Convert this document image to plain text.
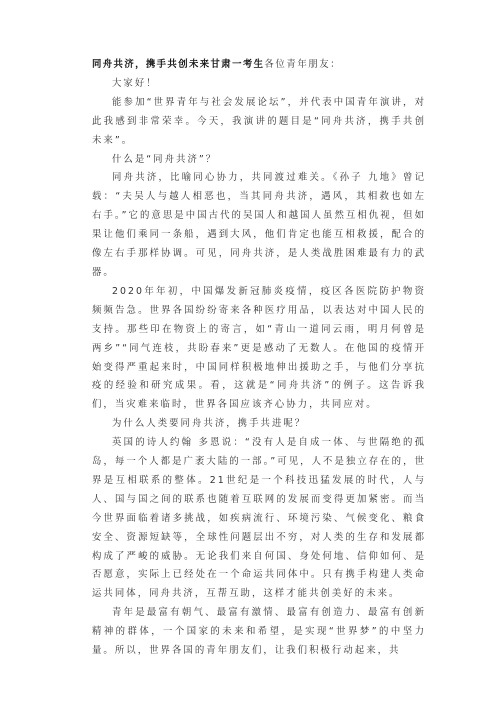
同舟共济，携手共创未来甘肃一考生各位青年朋友：

大家好！

能参加“世界青年与社会发展论坛”，并代表中国青年演讲，对此我感到非常荣幸。今天，我演讲的题目是“同舟共济，携手共创未来”。

什么是“同舟共济”？

同舟共济，比喻同心协力，共同渡过难关。《孙子 九地》曾记载：“夫吴人与越人相恶也，当其同舟共济，遇风，其相救也如左右手。”它的意思是中国古代的吴国人和越国人虽然互相仇视，但如果让他们乘同一条船，遇到大风，他们肯定也能互相救援，配合的像左右手那样协调。可见，同舟共济，是人类战胜困难最有力的武器。

2020年年初，中国爆发新冠肺炎疫情，疫区各医院防护物资频频告急。世界各国纷纷寄来各种医疗用品，以表达对中国人民的支持。那些印在物资上的寄言，如“青山一道同云雨，明月何曾是两乡”“同气连枝，共盼春来”更是感动了无数人。在他国的疫情开始变得严重起来时，中国同样积极地伸出援助之手，与他们分享抗疫的经验和研究成果。看，这就是“同舟共济”的例子。这告诉我们，当灾难来临时，世界各国应该齐心协力，共同应对。

为什么人类要同舟共济，携手共进呢？

英国的诗人约翰 多恩说：“没有人是自成一体、与世隔绝的孤岛，每一个人都是广袤大陆的一部。”可见，人不是独立存在的，世界是互相联系的整体。21世纪是一个科技迅猛发展的时代，人与人、国与国之间的联系也随着互联网的发展而变得更加紧密。而当今世界面临着诸多挑战，如疾病流行、环境污染、气候变化、粮食安全、资源短缺等，全球性问题层出不穷，对人类的生存和发展都构成了严峻的威胁。无论我们来自何国、身处何地、信仰如何、是否愿意，实际上已经处在一个命运共同体中。只有携手构建人类命运共同体，同舟共济，互帮互助，这样才能共创美好的未来。

青年是最富有朝气、最富有激情、最富有创造力、最富有创新精神的群体，一个国家的未来和希望，是实现“世界梦”的中坚力量。所以，世界各国的青年朋友们，让我们积极行动起来，共
